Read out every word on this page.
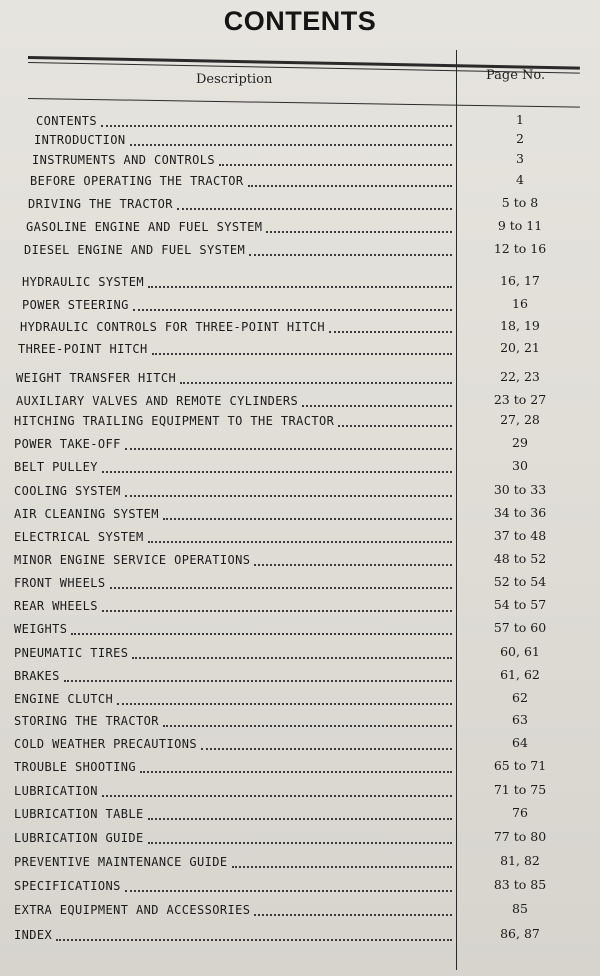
CONTENTS
Description	Page No.
CONTENTS	1
INTRODUCTION	2
INSTRUMENTS AND CONTROLS	3
BEFORE OPERATING THE TRACTOR	4
DRIVING THE TRACTOR	5 to 8
GASOLINE ENGINE AND FUEL SYSTEM	9 to 11
DIESEL ENGINE AND FUEL SYSTEM	12 to 16
HYDRAULIC SYSTEM	16, 17
POWER STEERING	16
HYDRAULIC CONTROLS FOR THREE-POINT HITCH	18, 19
THREE-POINT HITCH	20, 21
WEIGHT TRANSFER HITCH	22, 23
AUXILIARY VALVES AND REMOTE CYLINDERS	23 to 27
HITCHING TRAILING EQUIPMENT TO THE TRACTOR	27, 28
POWER TAKE-OFF	29
BELT PULLEY	30
COOLING SYSTEM	30 to 33
AIR CLEANING SYSTEM	34 to 36
ELECTRICAL SYSTEM	37 to 48
MINOR ENGINE SERVICE OPERATIONS	48 to 52
FRONT WHEELS	52 to 54
REAR WHEELS	54 to 57
WEIGHTS	57 to 60
PNEUMATIC TIRES	60, 61
BRAKES	61, 62
ENGINE CLUTCH	62
STORING THE TRACTOR	63
COLD WEATHER PRECAUTIONS	64
TROUBLE SHOOTING	65 to 71
LUBRICATION	71 to 75
LUBRICATION TABLE	76
LUBRICATION GUIDE	77 to 80
PREVENTIVE MAINTENANCE GUIDE	81, 82
SPECIFICATIONS	83 to 85
EXTRA EQUIPMENT AND ACCESSORIES	85
INDEX	86, 87
